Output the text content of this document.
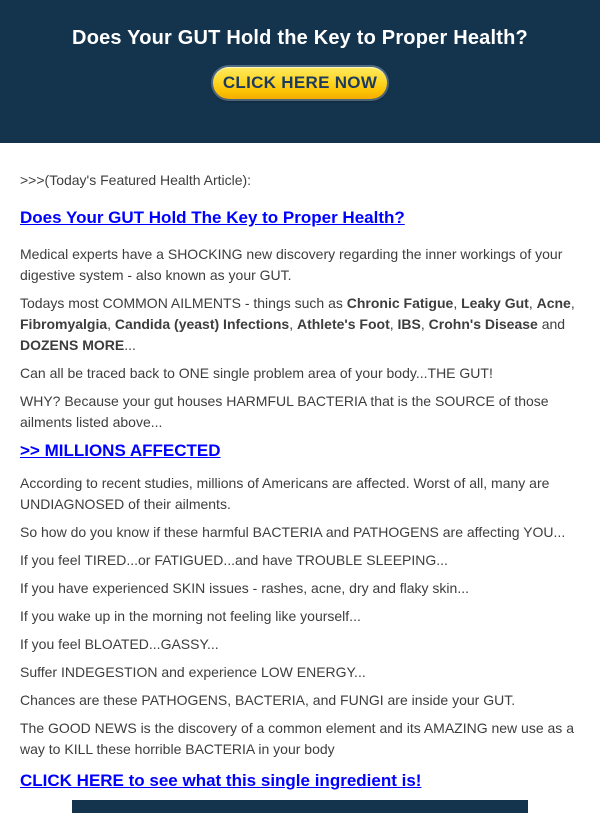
Does Your GUT Hold the Key to Proper Health?
CLICK HERE NOW

>>>(Today's Featured Health Article):

Does Your GUT Hold The Key to Proper Health?

Medical experts have a SHOCKING new discovery regarding the inner workings of your digestive system - also known as your GUT.

Todays most COMMON AILMENTS - things such as Chronic Fatigue, Leaky Gut, Acne, Fibromyalgia, Candida (yeast) Infections, Athlete's Foot, IBS, Crohn's Disease and DOZENS MORE...

Can all be traced back to ONE single problem area of your body...THE GUT!

WHY? Because your gut houses HARMFUL BACTERIA that is the SOURCE of those ailments listed above...

>> MILLIONS AFFECTED

According to recent studies, millions of Americans are affected. Worst of all, many are UNDIAGNOSED of their ailments.

So how do you know if these harmful BACTERIA and PATHOGENS are affecting YOU...

If you feel TIRED...or FATIGUED...and have TROUBLE SLEEPING...

If you have experienced SKIN issues - rashes, acne, dry and flaky skin...

If you wake up in the morning not feeling like yourself...

If you feel BLOATED...GASSY...

Suffer INDEGESTION and experience LOW ENERGY...

Chances are these PATHOGENS, BACTERIA, and FUNGI are inside your GUT.

The GOOD NEWS is the discovery of a common element and its AMAZING new use as a way to KILL these horrible BACTERIA in your body

CLICK HERE to see what this single ingredient is!
